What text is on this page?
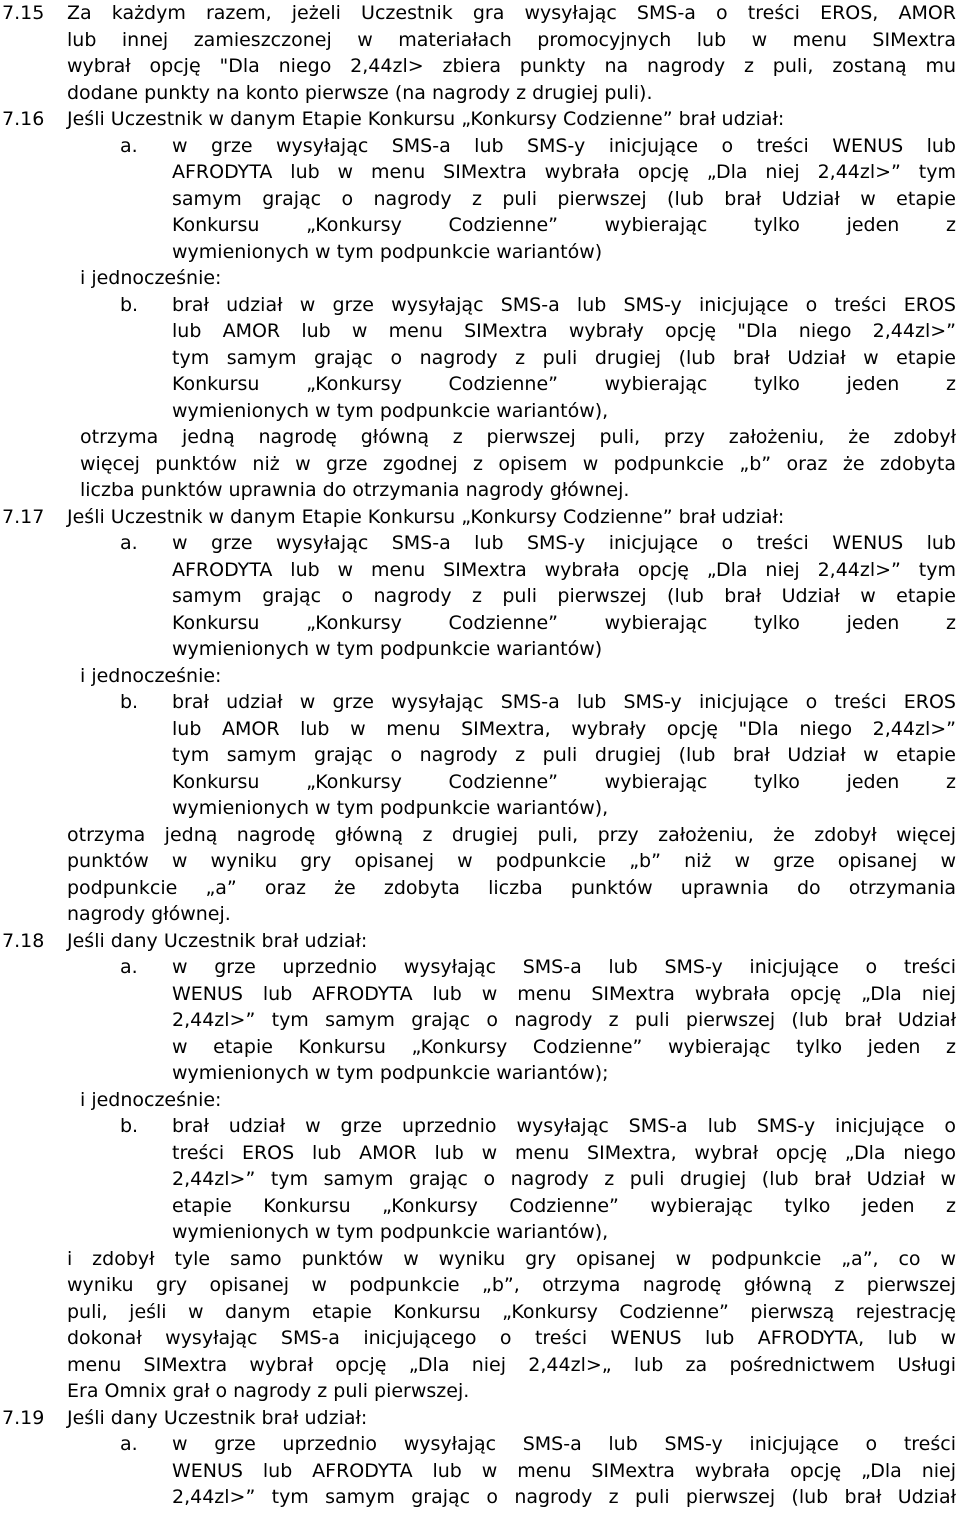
7.15 Za każdym razem, jeżeli Uczestnik gra wysyłając SMS-a o treści EROS, AMOR
lub innej zamieszczonej w materiałach promocyjnych lub w menu SIMextra
wybrał opcję "Dla niego 2,44zl> zbiera punkty na nagrody z puli, zostaną mu
dodane punkty na konto pierwsze (na nagrody z drugiej puli).
7.16 Jeśli Uczestnik w danym Etapie Konkursu „Konkursy Codzienne” brał udział:
a. w grze wysyłając SMS-a lub SMS-y inicjujące o treści WENUS lub
AFRODYTA lub w menu SIMextra wybrała opcję „Dla niej 2,44zl>” tym
samym grając o nagrody z puli pierwszej (lub brał Udział w etapie
Konkursu „Konkursy Codzienne” wybierając tylko jeden z
wymienionych w tym podpunkcie wariantów)
i jednocześnie:
b. brał udział w grze wysyłając SMS-a lub SMS-y inicjujące o treści EROS
lub AMOR lub w menu SIMextra wybrały opcję "Dla niego 2,44zl>”
tym samym grając o nagrody z puli drugiej (lub brał Udział w etapie
Konkursu „Konkursy Codzienne” wybierając tylko jeden z
wymienionych w tym podpunkcie wariantów),
otrzyma jedną nagrodę główną z pierwszej puli, przy założeniu, że zdobył
więcej punktów niż w grze zgodnej z opisem w podpunkcie „b” oraz że zdobyta
liczba punktów uprawnia do otrzymania nagrody głównej.
7.17 Jeśli Uczestnik w danym Etapie Konkursu „Konkursy Codzienne” brał udział:
a. w grze wysyłając SMS-a lub SMS-y inicjujące o treści WENUS lub
AFRODYTA lub w menu SIMextra wybrała opcję „Dla niej 2,44zl>” tym
samym grając o nagrody z puli pierwszej (lub brał Udział w etapie
Konkursu „Konkursy Codzienne” wybierając tylko jeden z
wymienionych w tym podpunkcie wariantów)
i jednocześnie:
b. brał udział w grze wysyłając SMS-a lub SMS-y inicjujące o treści EROS
lub AMOR lub w menu SIMextra, wybrały opcję "Dla niego 2,44zl>”
tym samym grając o nagrody z puli drugiej (lub brał Udział w etapie
Konkursu „Konkursy Codzienne” wybierając tylko jeden z
wymienionych w tym podpunkcie wariantów),
otrzyma jedną nagrodę główną z drugiej puli, przy założeniu, że zdobył więcej
punktów w wyniku gry opisanej w podpunkcie „b” niż w grze opisanej w
podpunkcie „a” oraz że zdobyta liczba punktów uprawnia do otrzymania
nagrody głównej.
7.18 Jeśli dany Uczestnik brał udział:
a. w grze uprzednio wysyłając SMS-a lub SMS-y inicjujące o treści
WENUS lub AFRODYTA lub w menu SIMextra wybrała opcję „Dla niej
2,44zl>” tym samym grając o nagrody z puli pierwszej (lub brał Udział
w etapie Konkursu „Konkursy Codzienne” wybierając tylko jeden z
wymienionych w tym podpunkcie wariantów);
i jednocześnie:
b. brał udział w grze uprzednio wysyłając SMS-a lub SMS-y inicjujące o
treści EROS lub AMOR lub w menu SIMextra, wybrał opcję „Dla niego
2,44zl>” tym samym grając o nagrody z puli drugiej (lub brał Udział w
etapie Konkursu „Konkursy Codzienne” wybierając tylko jeden z
wymienionych w tym podpunkcie wariantów),
i zdobył tyle samo punktów w wyniku gry opisanej w podpunkcie „a”, co w
wyniku gry opisanej w podpunkcie „b”, otrzyma nagrodę główną z pierwszej
puli, jeśli w danym etapie Konkursu „Konkursy Codzienne” pierwszą rejestrację
dokonał wysyłając SMS-a inicjującego o treści WENUS lub AFRODYTA, lub w
menu SIMextra wybrał opcję „Dla niej 2,44zl>„ lub za pośrednictwem Usługi
Era Omnix grał o nagrody z puli pierwszej.
7.19 Jeśli dany Uczestnik brał udział:
a. w grze uprzednio wysyłając SMS-a lub SMS-y inicjujące o treści
WENUS lub AFRODYTA lub w menu SIMextra wybrała opcję „Dla niej
2,44zl>” tym samym grając o nagrody z puli pierwszej (lub brał Udział
